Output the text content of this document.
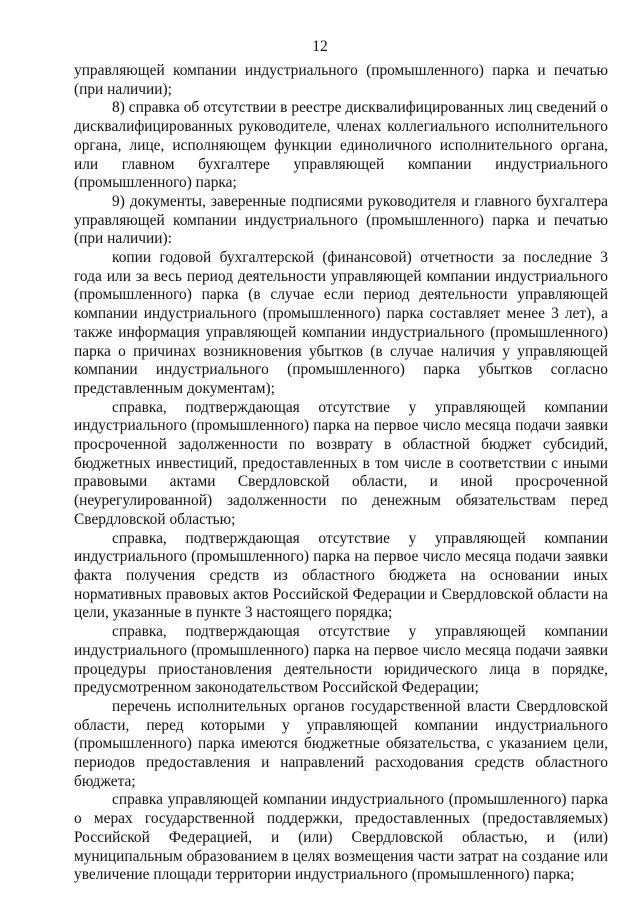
12

управляющей компании индустриального (промышленного) парка и печатью (при наличии);

8) справка об отсутствии в реестре дисквалифицированных лиц сведений о дисквалифицированных руководителе, членах коллегиального исполнительного органа, лице, исполняющем функции единоличного исполнительного органа, или главном бухгалтере управляющей компании индустриального (промышленного) парка;

9) документы, заверенные подписями руководителя и главного бухгалтера управляющей компании индустриального (промышленного) парка и печатью (при наличии):

копии годовой бухгалтерской (финансовой) отчетности за последние 3 года или за весь период деятельности управляющей компании индустриального (промышленного) парка (в случае если период деятельности управляющей компании индустриального (промышленного) парка составляет менее 3 лет), а также информация управляющей компании индустриального (промышленного) парка о причинах возникновения убытков (в случае наличия у управляющей компании индустриального (промышленного) парка убытков согласно представленным документам);

справка, подтверждающая отсутствие у управляющей компании индустриального (промышленного) парка на первое число месяца подачи заявки просроченной задолженности по возврату в областной бюджет субсидий, бюджетных инвестиций, предоставленных в том числе в соответствии с иными правовыми актами Свердловской области, и иной просроченной (неурегулированной) задолженности по денежным обязательствам перед Свердловской областью;

справка, подтверждающая отсутствие у управляющей компании индустриального (промышленного) парка на первое число месяца подачи заявки факта получения средств из областного бюджета на основании иных нормативных правовых актов Российской Федерации и Свердловской области на цели, указанные в пункте 3 настоящего порядка;

справка, подтверждающая отсутствие у управляющей компании индустриального (промышленного) парка на первое число месяца подачи заявки процедуры приостановления деятельности юридического лица в порядке, предусмотренном законодательством Российской Федерации;

перечень исполнительных органов государственной власти Свердловской области, перед которыми у управляющей компании индустриального (промышленного) парка имеются бюджетные обязательства, с указанием цели, периодов предоставления и направлений расходования средств областного бюджета;

справка управляющей компании индустриального (промышленного) парка о мерах государственной поддержки, предоставленных (предоставляемых) Российской Федерацией, и (или) Свердловской областью, и (или) муниципальным образованием в целях возмещения части затрат на создание или увеличение площади территории индустриального (промышленного) парка;
